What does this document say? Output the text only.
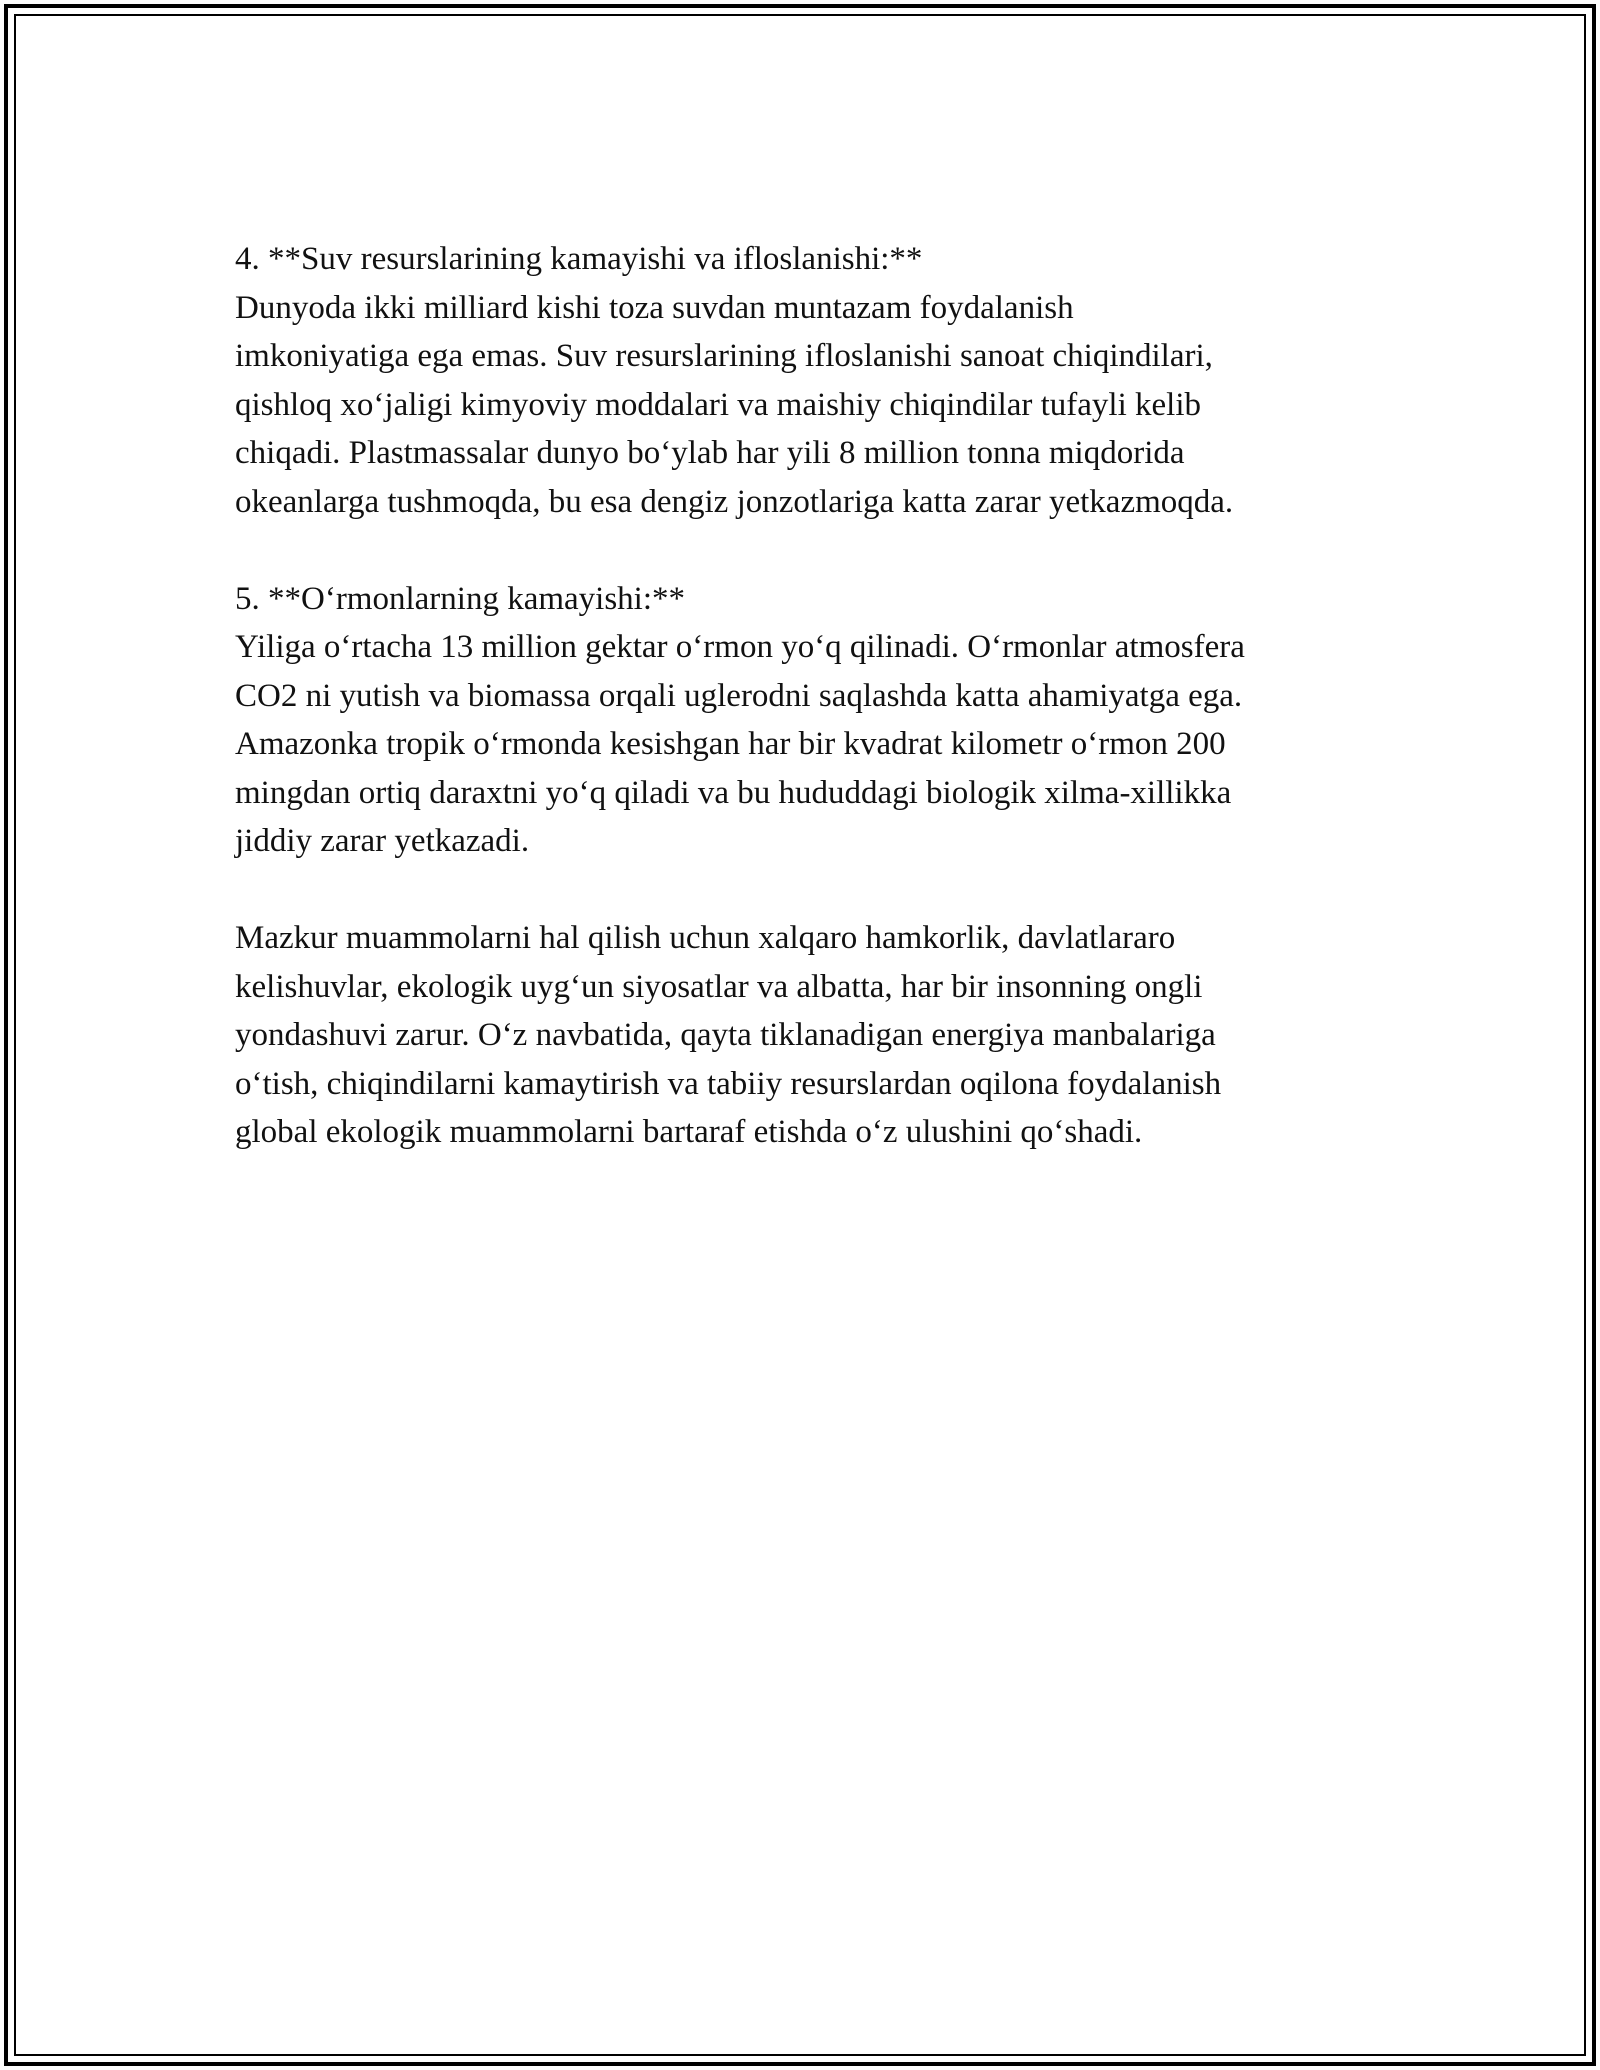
4. **Suv resurslarining kamayishi va ifloslanishi:**
Dunyoda ikki milliard kishi toza suvdan muntazam foydalanish
imkoniyatiga ega emas. Suv resurslarining ifloslanishi sanoat chiqindilari,
qishloq xo‘jaligi kimyoviy moddalari va maishiy chiqindilar tufayli kelib
chiqadi. Plastmassalar dunyo bo‘ylab har yili 8 million tonna miqdorida
okeanlarga tushmoqda, bu esa dengiz jonzotlariga katta zarar yetkazmoqda.
5. **O‘rmonlarning kamayishi:**
Yiliga o‘rtacha 13 million gektar o‘rmon yo‘q qilinadi. O‘rmonlar atmosfera
CO2 ni yutish va biomassa orqali uglerodni saqlashda katta ahamiyatga ega.
Amazonka tropik o‘rmonda kesishgan har bir kvadrat kilometr o‘rmon 200
mingdan ortiq daraxtni yo‘q qiladi va bu hududdagi biologik xilma-xillikka
jiddiy zarar yetkazadi.
Mazkur muammolarni hal qilish uchun xalqaro hamkorlik, davlatlararo
kelishuvlar, ekologik uyg‘un siyosatlar va albatta, har bir insonning ongli
yondashuvi zarur. O‘z navbatida, qayta tiklanadigan energiya manbalariga
o‘tish, chiqindilarni kamaytirish va tabiiy resurslardan oqilona foydalanish
global ekologik muammolarni bartaraf etishda o‘z ulushini qo‘shadi.
